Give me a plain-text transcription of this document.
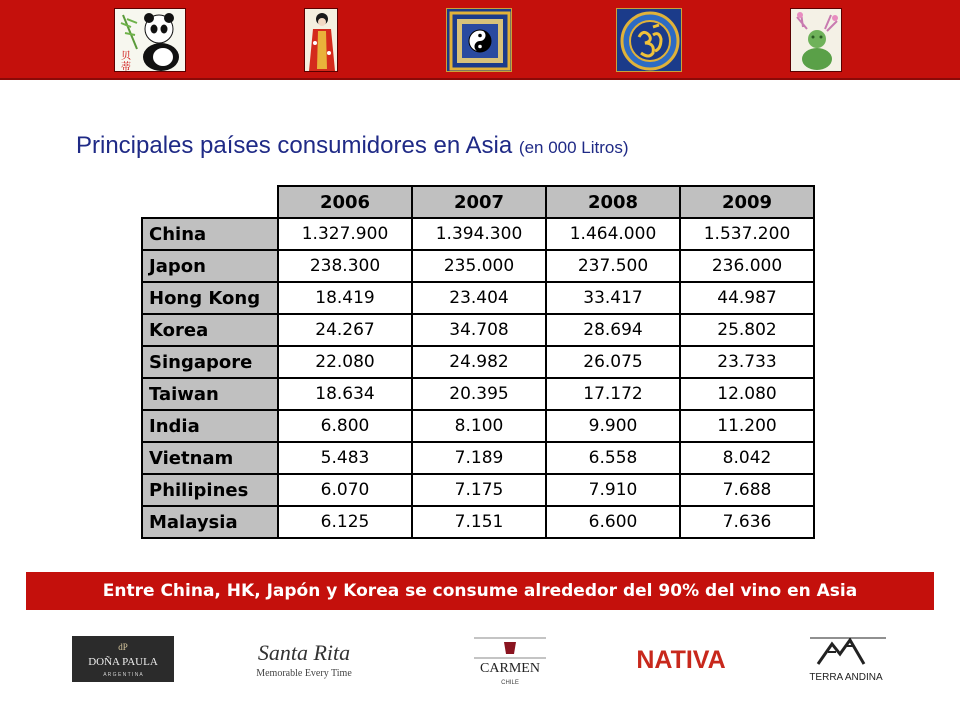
贝
蒂
Principales países consumidores en Asia (en 000 Litros)
	2006	2007	2008	2009
China	1.327.900	1.394.300	1.464.000	1.537.200
Japon	238.300	235.000	237.500	236.000
Hong Kong	18.419	23.404	33.417	44.987
Korea	24.267	34.708	28.694	25.802
Singapore	22.080	24.982	26.075	23.733
Taiwan	18.634	20.395	17.172	12.080
India	6.800	8.100	9.900	11.200
Vietnam	5.483	7.189	6.558	8.042
Philipines	6.070	7.175	7.910	7.688
Malaysia	6.125	7.151	6.600	7.636
Entre China, HK, Japón y Korea se consume alrededor del 90% del vino en Asia
dP
DOÑA PAULA
A R G E N T I N A
Santa Rita
Memorable Every Time	CARMEN
CHILE
NATIVA
TERRA ANDINA
